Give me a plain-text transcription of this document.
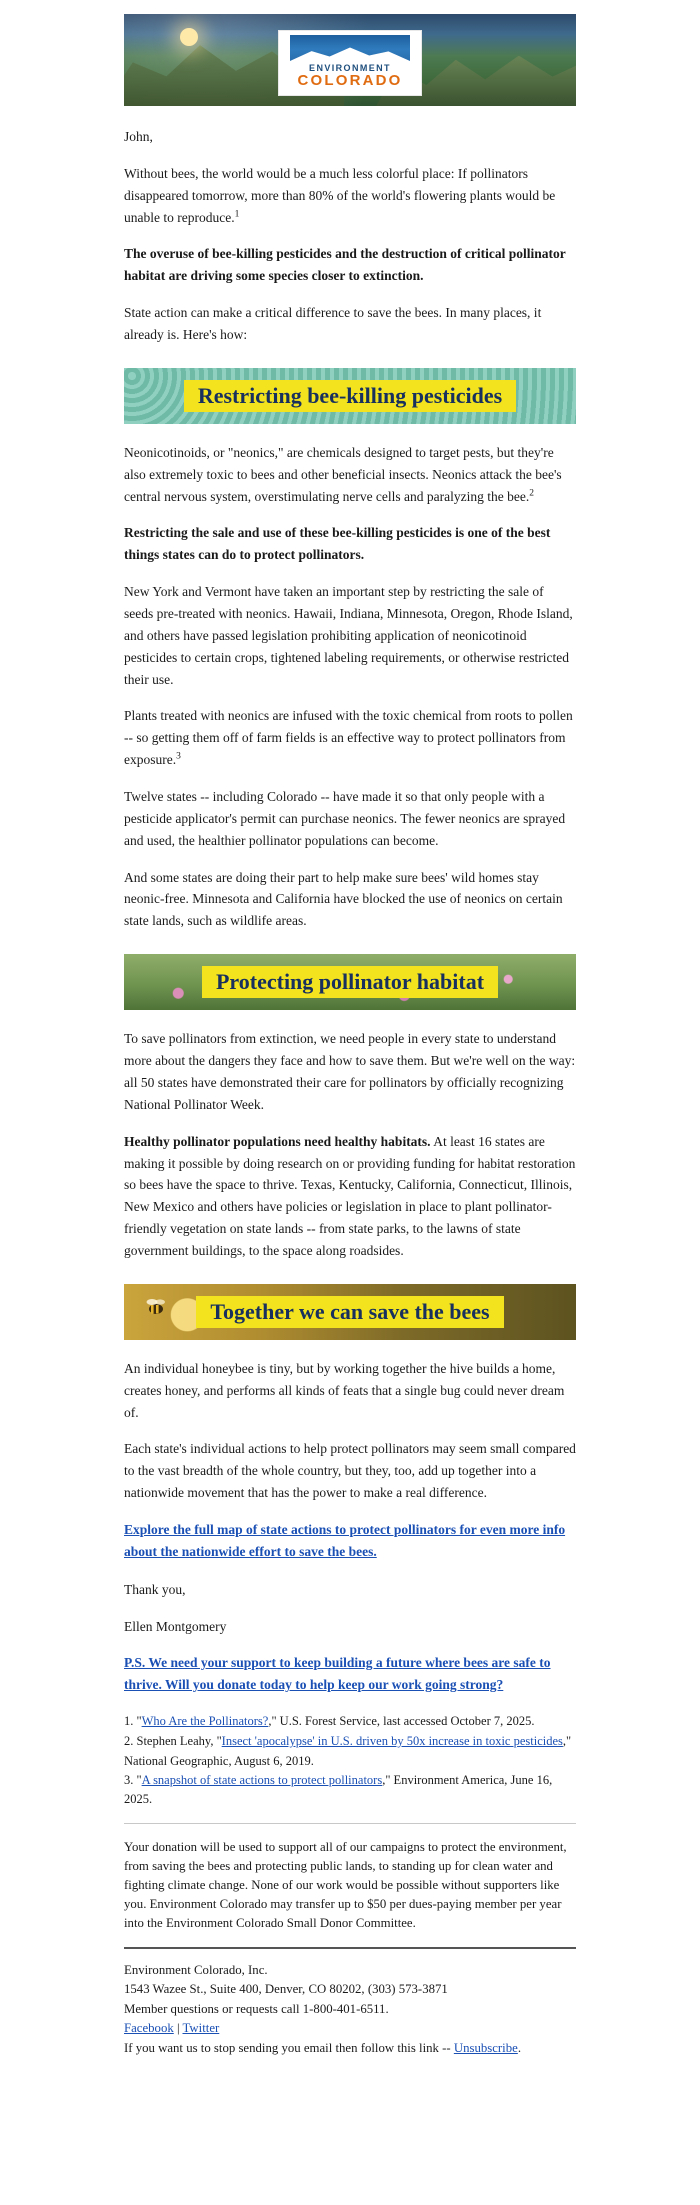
ENVIRONMENT
COLORADO

John,

Without bees, the world would be a much less colorful place: If pollinators disappeared tomorrow, more than 80% of the world's flowering plants would be unable to reproduce.$^1$

The overuse of bee-killing pesticides and the destruction of critical pollinator habitat are driving some species closer to extinction.

State action can make a critical difference to save the bees. In many places, it already is. Here's how:

Restricting bee-killing pesticides

Neonicotinoids, or "neonics," are chemicals designed to target pests, but they're also extremely toxic to bees and other beneficial insects. Neonics attack the bee's central nervous system, overstimulating nerve cells and paralyzing the bee.$^2$

Restricting the sale and use of these bee-killing pesticides is one of the best things states can do to protect pollinators.

New York and Vermont have taken an important step by restricting the sale of seeds pre-treated with neonics. Hawaii, Indiana, Minnesota, Oregon, Rhode Island, and others have passed legislation prohibiting application of neonicotinoid pesticides to certain crops, tightened labeling requirements, or otherwise restricted their use.

Plants treated with neonics are infused with the toxic chemical from roots to pollen -- so getting them off of farm fields is an effective way to protect pollinators from exposure.$^3$

Twelve states -- including Colorado -- have made it so that only people with a pesticide applicator's permit can purchase neonics. The fewer neonics are sprayed and used, the healthier pollinator populations can become.

And some states are doing their part to help make sure bees' wild homes stay neonic-free. Minnesota and California have blocked the use of neonics on certain state lands, such as wildlife areas.

Protecting pollinator habitat

To save pollinators from extinction, we need people in every state to understand more about the dangers they face and how to save them. But we're well on the way: all 50 states have demonstrated their care for pollinators by officially recognizing National Pollinator Week.

Healthy pollinator populations need healthy habitats. At least 16 states are making it possible by doing research on or providing funding for habitat restoration so bees have the space to thrive. Texas, Kentucky, California, Connecticut, Illinois, New Mexico and others have policies or legislation in place to plant pollinator-friendly vegetation on state lands -- from state parks, to the lawns of state government buildings, to the space along roadsides.

Together we can save the bees

An individual honeybee is tiny, but by working together the hive builds a home, creates honey, and performs all kinds of feats that a single bug could never dream of.

Each state's individual actions to help protect pollinators may seem small compared to the vast breadth of the whole country, but they, too, add up together into a nationwide movement that has the power to make a real difference.

Explore the full map of state actions to protect pollinators for even more info about the nationwide effort to save the bees.

Thank you,

Ellen Montgomery

P.S. We need your support to keep building a future where bees are safe to thrive. Will you donate today to help keep our work going strong?

1. "Who Are the Pollinators?," U.S. Forest Service, last accessed October 7, 2025.
2. Stephen Leahy, "Insect 'apocalypse' in U.S. driven by 50x increase in toxic pesticides,"
National Geographic, August 6, 2019.
3. "A snapshot of state actions to protect pollinators," Environment America, June 16, 2025.

Your donation will be used to support all of our campaigns to protect the environment, from saving the bees and protecting public lands, to standing up for clean water and fighting climate change. None of our work would be possible without supporters like you. Environment Colorado may transfer up to $50 per dues-paying member per year into the Environment Colorado Small Donor Committee.

Environment Colorado, Inc.
1543 Wazee St., Suite 400, Denver, CO 80202, (303) 573-3871
Member questions or requests call 1-800-401-6511.
Facebook | Twitter
If you want us to stop sending you email then follow this link -- Unsubscribe.
